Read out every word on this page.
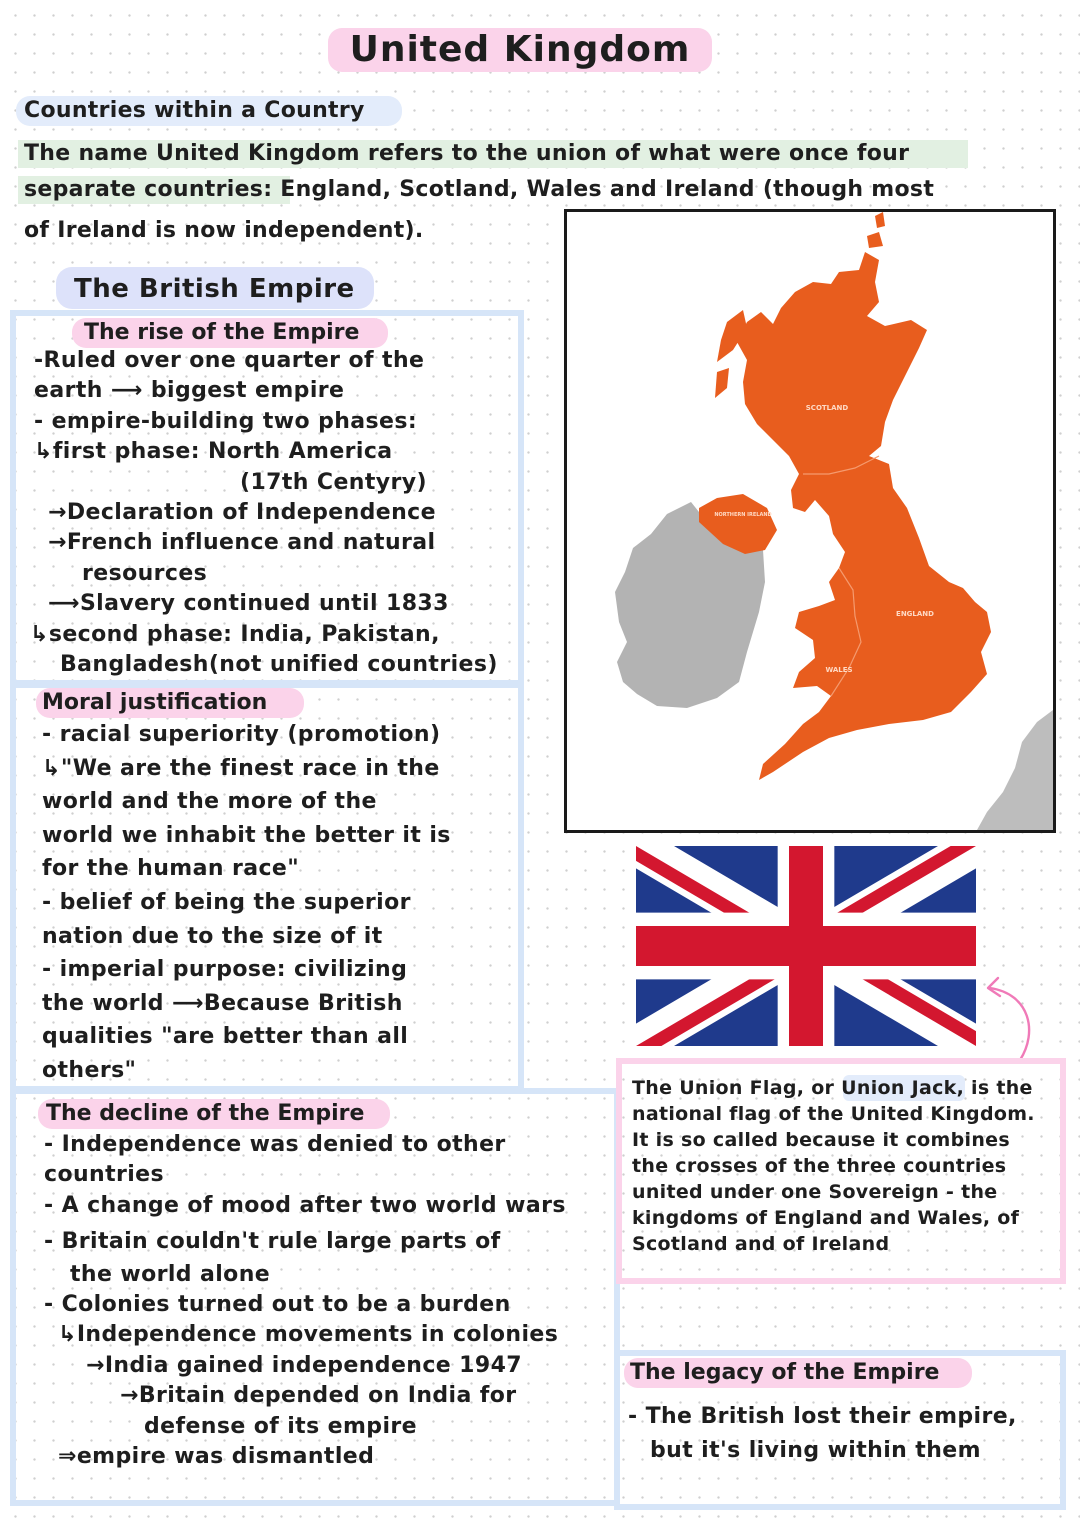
United Kingdom
Countries within a Country
The name United Kingdom refers to the union of what were once four
separate countries: England, Scotland, Wales and Ireland (though most
of Ireland is now independent).
The British Empire
The rise of the Empire
-Ruled over one quarter of the
earth ⟶ biggest empire
- empire-building two phases:
↳first phase: North America
(17th Centyry)
→Declaration of Independence
→French influence and natural
resources
⟶Slavery continued until 1833
↳second phase: India, Pakistan,
Bangladesh(not unified countries)
Moral justification
- racial superiority (promotion)
↳"We are the finest race in the
world and the more of the
world we inhabit the better it is
for the human race"
- belief of being the superior
nation due to the size of it
- imperial purpose: civilizing
the world ⟶Because British
qualities "are better than all
others"
The decline of the Empire
- Independence was denied to other
countries
- A change of mood after two world wars
- Britain couldn't rule large parts of
the world alone
- Colonies turned out to be a burden
↳Independence movements in colonies
→India gained independence 1947
→Britain depended on India for
defense of its empire
⇒empire was dismantled
SCOTLAND
NORTHERN IRELAND
ENGLAND
WALES
The Union Flag, or Union Jack, is the
national flag of the United Kingdom.
It is so called because it combines
the crosses of the three countries
united under one Sovereign - the
kingdoms of England and Wales, of
Scotland and of Ireland
The legacy of the Empire
- The British lost their empire,
but it's living within them
